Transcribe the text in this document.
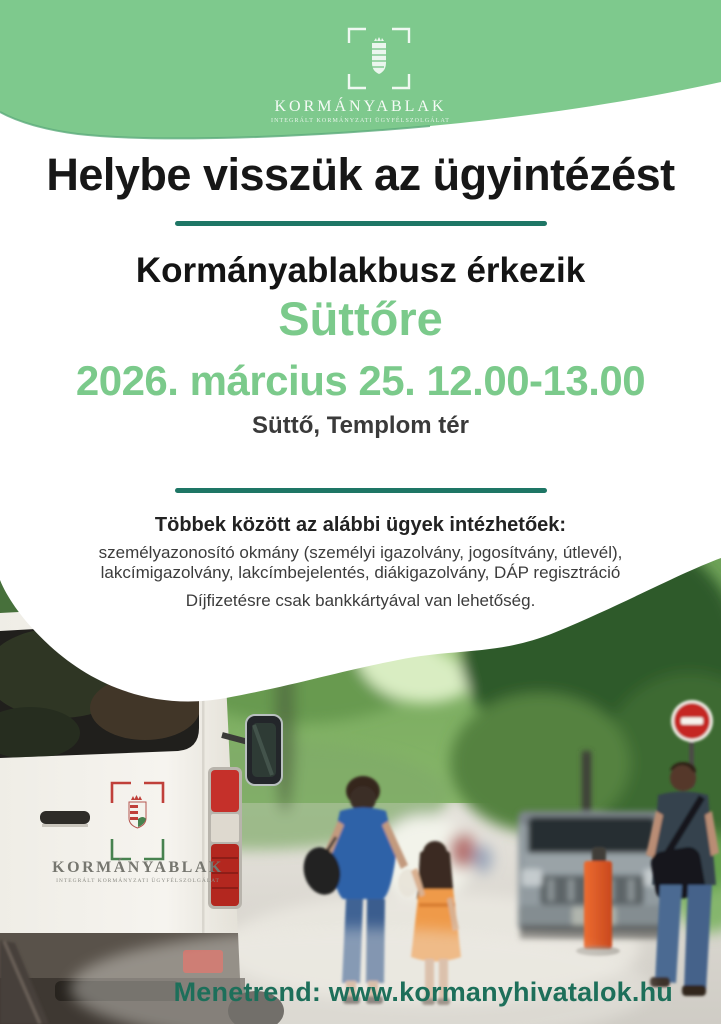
KORMÁNYABLAK
INTEGRÁLT KORMÁNYZATI ÜGYFÉLSZOLGÁLAT
Helybe visszük az ügyintézést
Kormányablakbusz érkezik
Süttőre
2026. március 25. 12.00-13.00
Süttő, Templom tér
Többek között az alábbi ügyek intézhetőek:

személyazonosító okmány (személyi igazolvány, jogosítvány, útlevél), lakcímigazolvány, lakcímbejelentés, diákigazolvány, DÁP regisztráció

Díjfizetésre csak bankkártyával van lehetőség.

KORMÁNYABLAK
INTEGRÁLT KORMÁNYZATI ÜGYFÉLSZOLGÁLAT
Menetrend: www.kormanyhivatalok.hu
